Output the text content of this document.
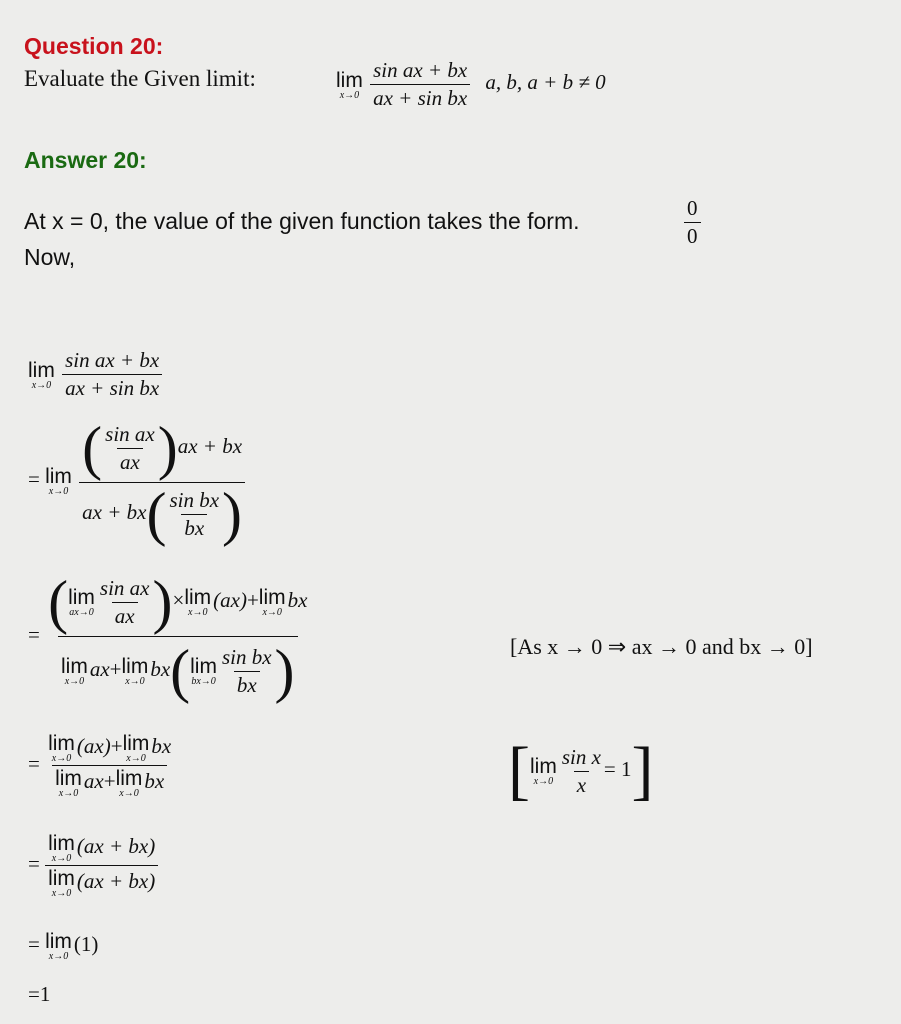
Question 20:
Evaluate the Given limit:	lim
x→0
$\frac{\text{sin ax + bx}}{\text{ax + sin bx}} a$, b, a + b ≠ 0
Answer 20:
At x = 0, the value of the given function takes the form.	$\frac{0}{0}$
Now,
lim
x→0
$\frac{\text{sin ax + bx}}{\text{ax + sin bx}}$
= lim
x→0
$\frac{( \frac{\text{sin ax}}{ax} )ax + bx}{ax + bx( \frac{\text{sin bx}}{bx} )}$
= ( lim
$ax\to 0 \frac{\text{sin ax}}{ax}$ )× lim
x→0
(ax)+ lim
x→0
bx
lim
x→0
ax+ lim
x→0
bx( lim
$bx\to 0 \frac{\text{sin bx}}{bx}$ )	[As x → 0 ⇒ ax → 0 and bx → 0]
= lim
x→0
(ax)+ lim
x→0
bx
lim
x→0
ax+ lim
x→0
bx	[ lim
$x\to 0 \frac{\text{sin x}}{x} = 1$]
= lim
x→0
(ax + bx)
lim
x→0
(ax + bx)
= lim
x→0
(1)
=1
